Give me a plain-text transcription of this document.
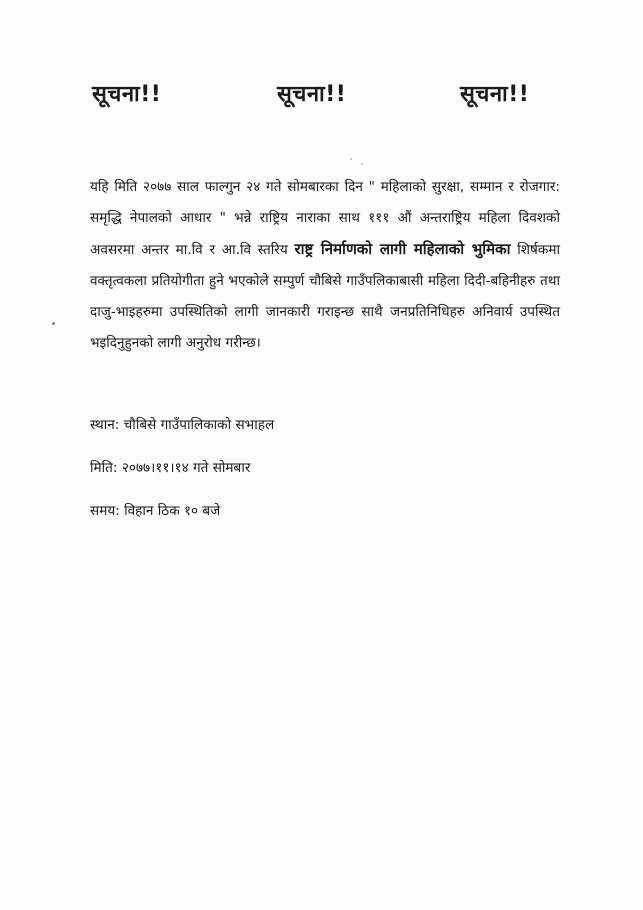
सूचना!!	सूचना!!	सूचना!!
यहि मिति २०७७ साल फाल्गुन २४ गते सोमबारका दिन " महिलाको सुरक्षा, सम्मान र रोजगार: समृद्धि नेपालको आधार " भन्ने राष्ट्रिय नाराका साथ १११ औं अन्तराष्ट्रिय महिला दिवशको अवसरमा अन्तर मा.वि र आ.वि स्तरिय राष्ट्र निर्माणको लागी महिलाको भुमिका शिर्षकमा वक्तृत्वकला प्रतियोगीता हुने भएकोले सम्पुर्ण चौबिसे गाउँपलिकाबासी महिला दिदी-बहिनीहरु तथा दाजु-भाइहरुमा उपस्थितिको लागी जानकारी गराइन्छ साथै जनप्रतिनिधिहरु अनिवार्य उपस्थित भइदिनुहुनको लागी अनुरोध गरीन्छ।
स्थान: चौबिसे गाउँपालिकाको सभाहल
मिति: २०७७।११।१४ गते सोमबार
समय: विहान ठिक १० बजे
